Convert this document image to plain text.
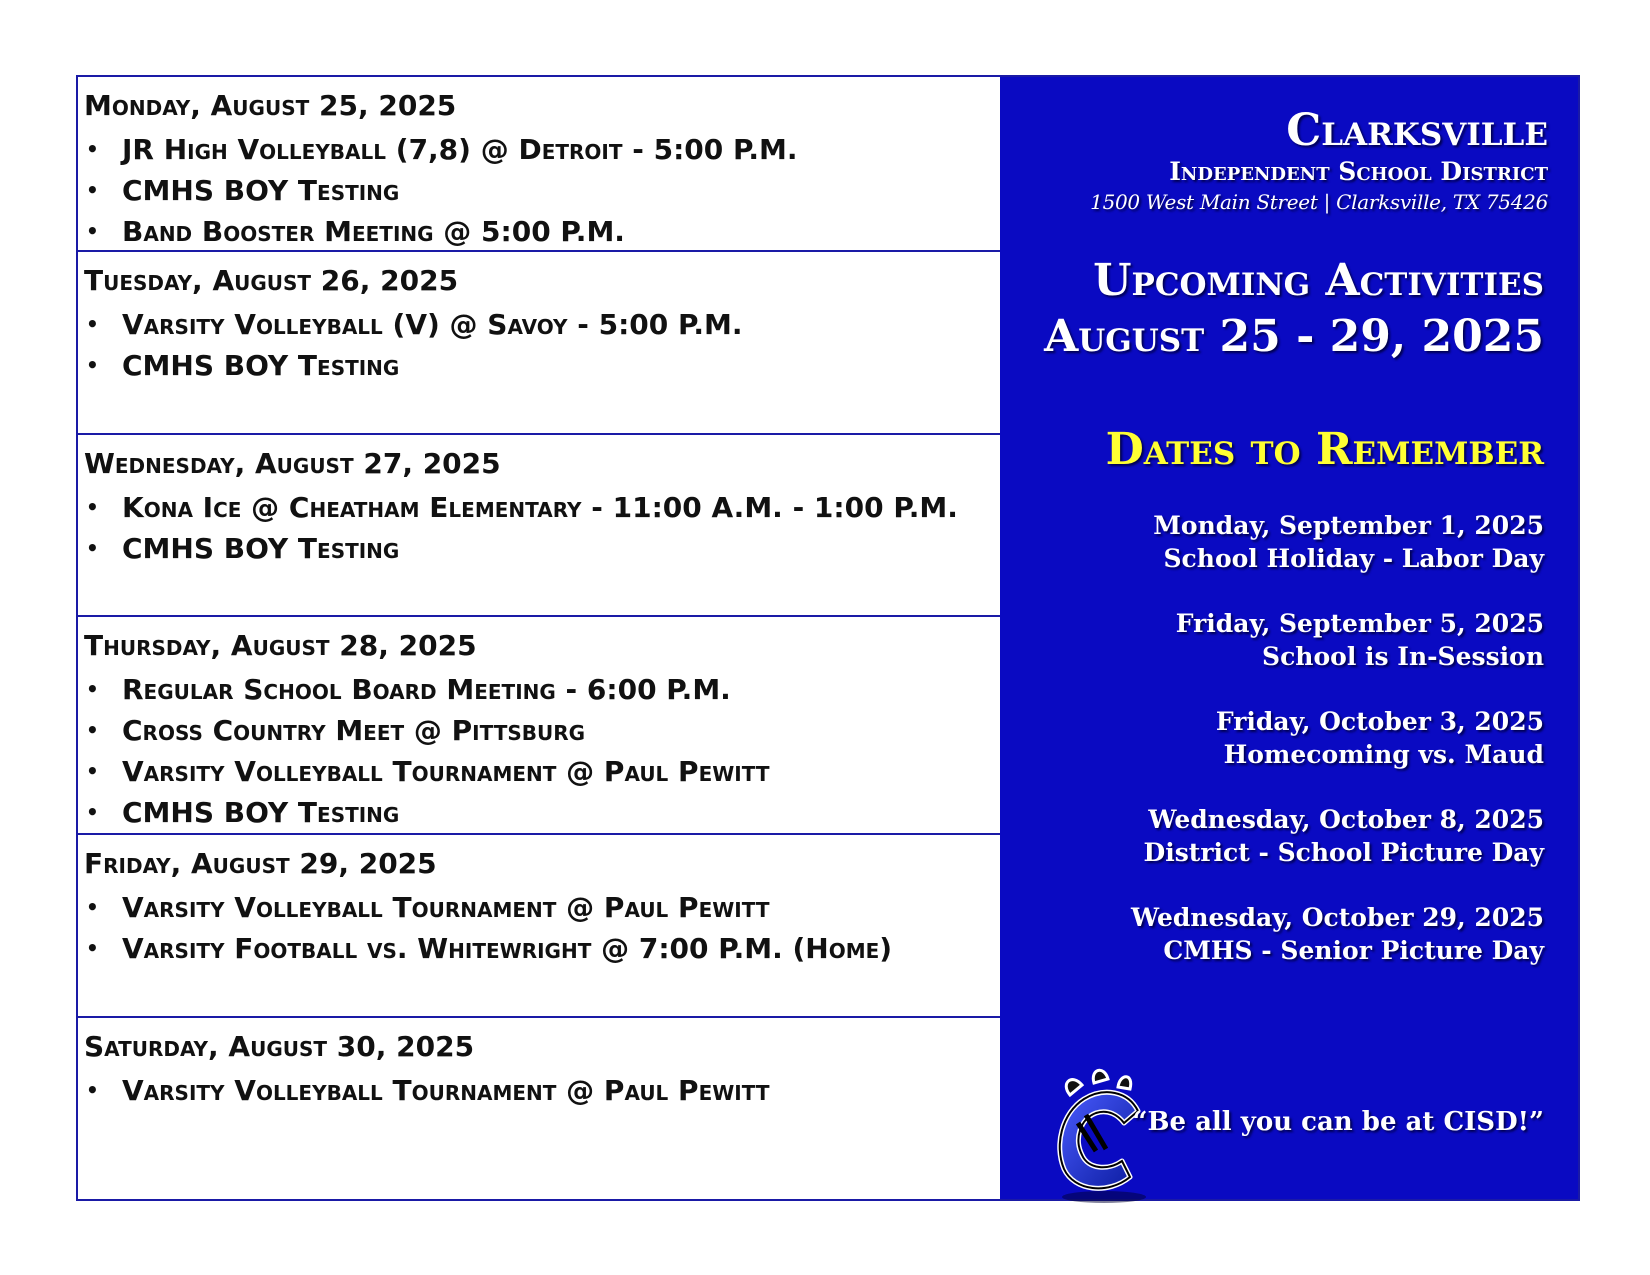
Monday, August 25, 2025
• JR High Volleyball (7,8) @ Detroit - 5:00 P.M.
• CMHS BOY Testing
• Band Booster Meeting @ 5:00 P.M.
Tuesday, August 26, 2025
• Varsity Volleyball (V) @ Savoy - 5:00 P.M.
• CMHS BOY Testing
Wednesday, August 27, 2025
• Kona Ice @ Cheatham Elementary - 11:00 A.M. - 1:00 P.M.
• CMHS BOY Testing
Thursday, August 28, 2025
• Regular School Board Meeting - 6:00 P.M.
• Cross Country Meet @ Pittsburg
• Varsity Volleyball Tournament @ Paul Pewitt
• CMHS BOY Testing
Friday, August 29, 2025
• Varsity Volleyball Tournament @ Paul Pewitt
• Varsity Football vs. Whitewright @ 7:00 P.M. (Home)
Saturday, August 30, 2025
• Varsity Volleyball Tournament @ Paul Pewitt
Clarksville
Independent School District
1500 West Main Street | Clarksville, TX 75426
Upcoming Activities
August 25 - 29, 2025
Dates to Remember
Monday, September 1, 2025
School Holiday - Labor Day
Friday, September 5, 2025
School is In-Session
Friday, October 3, 2025
Homecoming vs. Maud
Wednesday, October 8, 2025
District - School Picture Day
Wednesday, October 29, 2025
CMHS - Senior Picture Day
“Be all you can be at CISD!”
